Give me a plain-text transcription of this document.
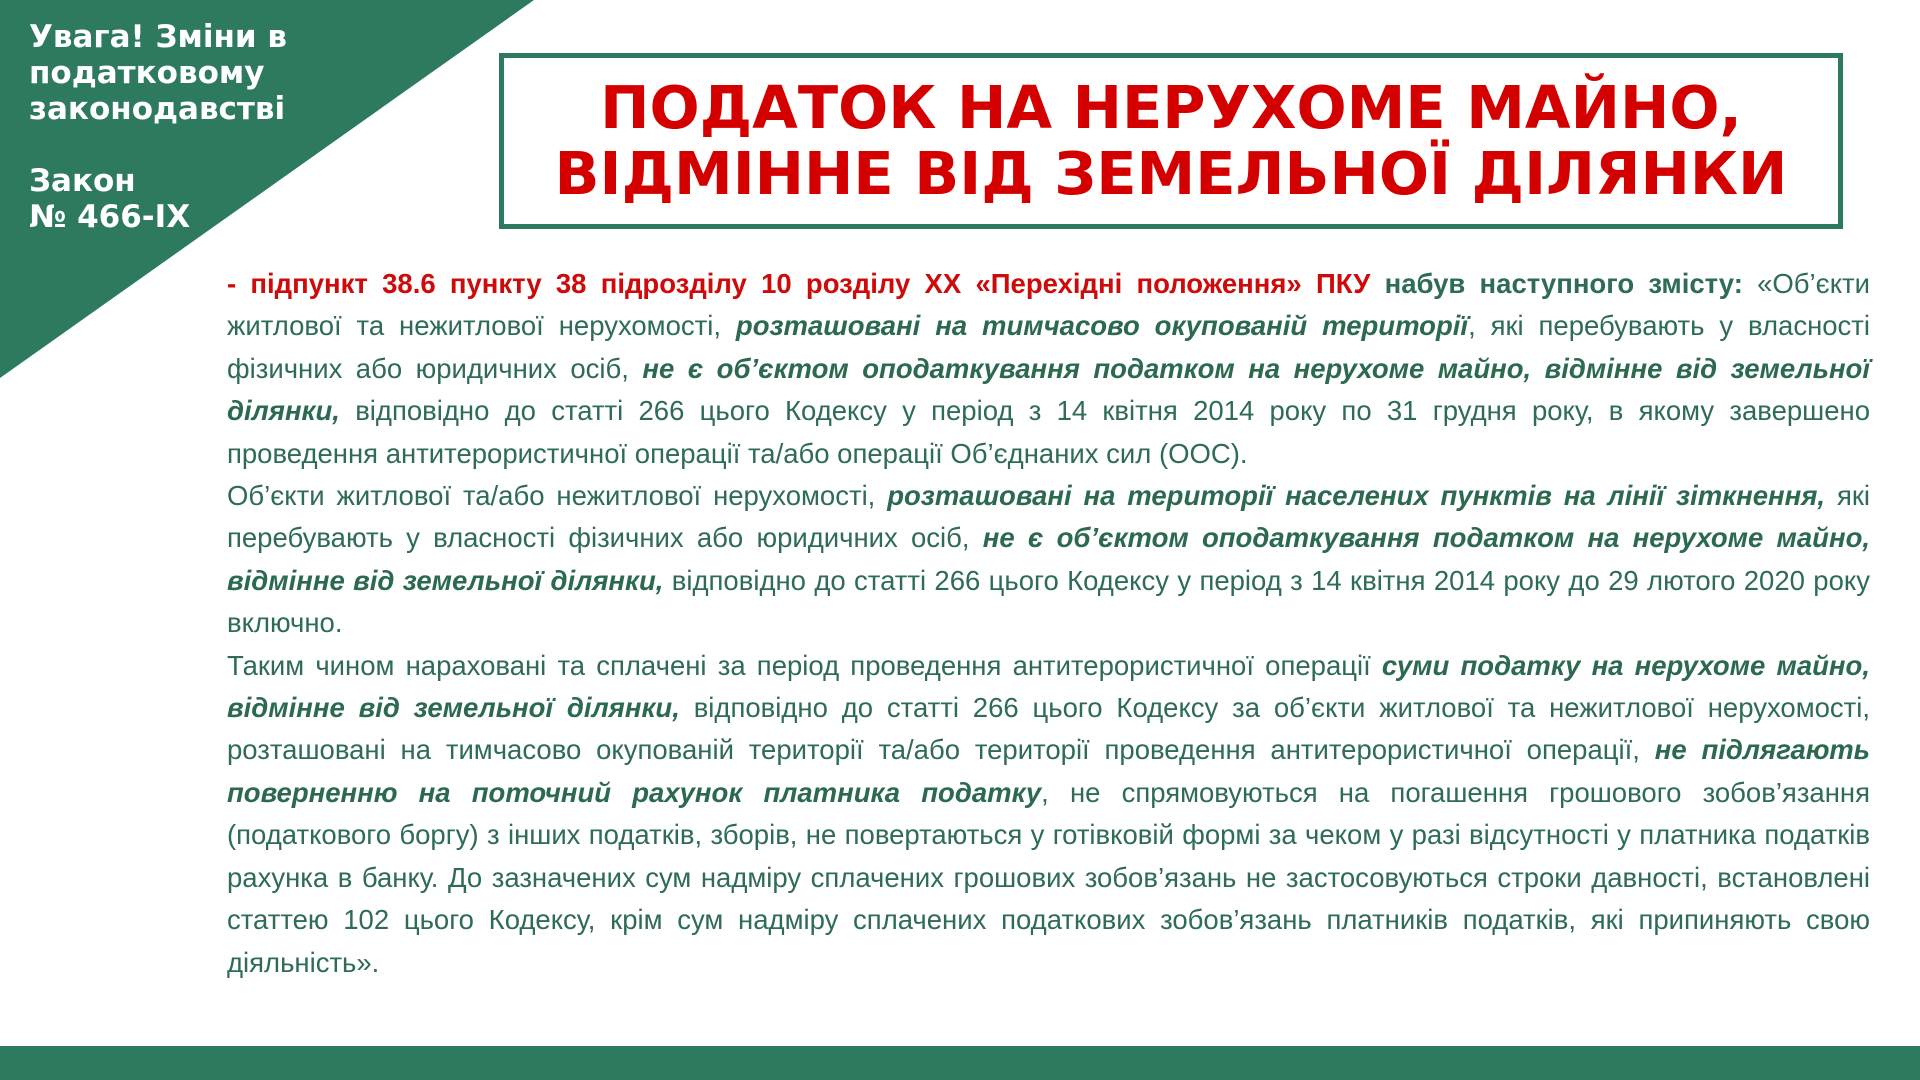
Увага! Зміни в
податковому
законодавстві
Закон
№ 466-ІХ
ПОДАТОК НА НЕРУХОМЕ МАЙНО,
ВІДМІННЕ ВІД ЗЕМЕЛЬНОЇ ДІЛЯНКИ

- підпункт 38.6 пункту 38 підрозділу 10 розділу ХХ «Перехідні положення» ПКУ набув наступного змісту: «Об’єкти житлової та нежитлової нерухомості, розташовані на тимчасово окупованій території, які перебувають у власності фізичних або юридичних осіб, не є об’єктом оподаткування податком на нерухоме майно, відмінне від земельної ділянки, відповідно до статті 266 цього Кодексу у період з 14 квітня 2014 року по 31 грудня року, в якому завершено проведення антитерористичної операції та/або операції Об’єднаних сил (ООС).

Об’єкти житлової та/або нежитлової нерухомості, розташовані на території населених пунктів на лінії зіткнення, які перебувають у власності фізичних або юридичних осіб, не є об’єктом оподаткування податком на нерухоме майно, відмінне від земельної ділянки, відповідно до статті 266 цього Кодексу у період з 14 квітня 2014 року до 29 лютого 2020 року включно.

Таким чином нараховані та сплачені за період проведення антитерористичної операції суми податку на нерухоме майно, відмінне від земельної ділянки, відповідно до статті 266 цього Кодексу за об’єкти житлової та нежитлової нерухомості, розташовані на тимчасово окупованій території та/або території проведення антитерористичної операції, не підлягають поверненню на поточний рахунок платника податку, не спрямовуються на погашення грошового зобов’язання (податкового боргу) з інших податків, зборів, не повертаються у готівковій формі за чеком у разі відсутності у платника податків рахунка в банку. До зазначених сум надміру сплачених грошових зобов’язань не застосовуються строки давності, встановлені статтею 102 цього Кодексу, крім сум надміру сплачених податкових зобов’язань платників податків, які припиняють свою діяльність».
